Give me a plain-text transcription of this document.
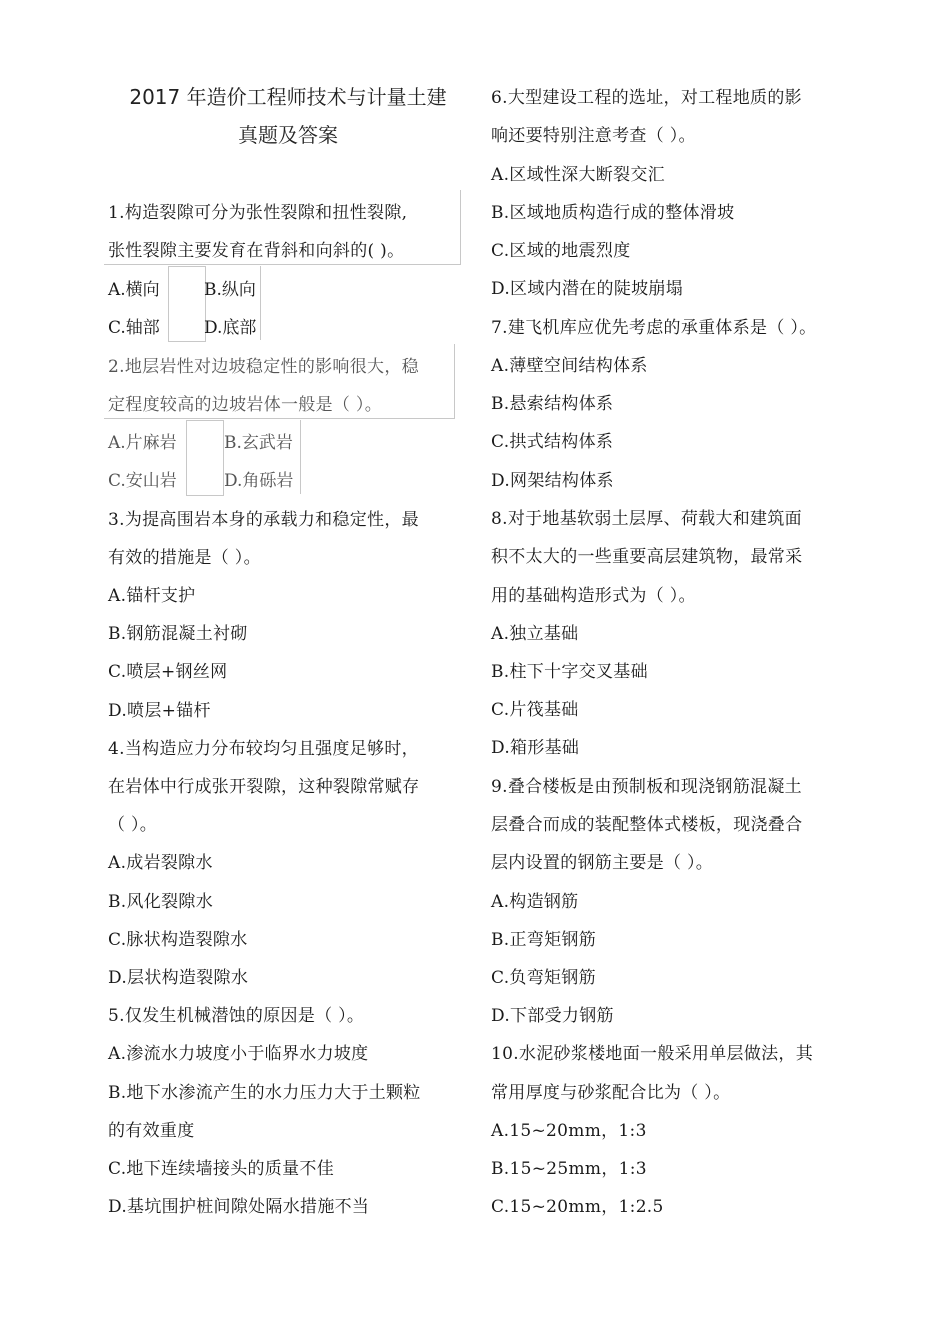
2017 年造价工程师技术与计量土建
真题及答案
1.构造裂隙可分为张性裂隙和扭性裂隙,
张性裂隙主要发育在背斜和向斜的( )。
A.横向	B.纵向
C.轴部	D.底部
2.地层岩性对边坡稳定性的影响很大，稳
定程度较高的边坡岩体一般是（ ）。
A.片麻岩	B.玄武岩
C.安山岩	D.角砾岩
3.为提高围岩本身的承载力和稳定性，最
有效的措施是（ ）。
A.锚杆支护
B.钢筋混凝土衬砌
C.喷层+钢丝网
D.喷层+锚杆
4.当构造应力分布较均匀且强度足够时，
在岩体中行成张开裂隙，这种裂隙常赋存
（ ）。
A.成岩裂隙水
B.风化裂隙水
C.脉状构造裂隙水
D.层状构造裂隙水
5.仅发生机械潜蚀的原因是（ ）。
A.渗流水力坡度小于临界水力坡度
B.地下水渗流产生的水力压力大于土颗粒
的有效重度
C.地下连续墙接头的质量不佳
D.基坑围护桩间隙处隔水措施不当
6.大型建设工程的选址，对工程地质的影
响还要特别注意考查（ ）。
A.区域性深大断裂交汇
B.区域地质构造行成的整体滑坡
C.区域的地震烈度
D.区域内潜在的陡坡崩塌
7.建飞机库应优先考虑的承重体系是（ ）。
A.薄壁空间结构体系
B.悬索结构体系
C.拱式结构体系
D.网架结构体系
8.对于地基软弱土层厚、荷载大和建筑面
积不太大的一些重要高层建筑物，最常采
用的基础构造形式为（ ）。
A.独立基础
B.柱下十字交叉基础
C.片筏基础
D.箱形基础
9.叠合楼板是由预制板和现浇钢筋混凝土
层叠合而成的装配整体式楼板，现浇叠合
层内设置的钢筋主要是（ ）。
A.构造钢筋
B.正弯矩钢筋
C.负弯矩钢筋
D.下部受力钢筋
10.水泥砂浆楼地面一般采用单层做法，其
常用厚度与砂浆配合比为（ ）。
A.15~20mm，1:3
B.15~25mm，1:3
C.15~20mm，1:2.5
